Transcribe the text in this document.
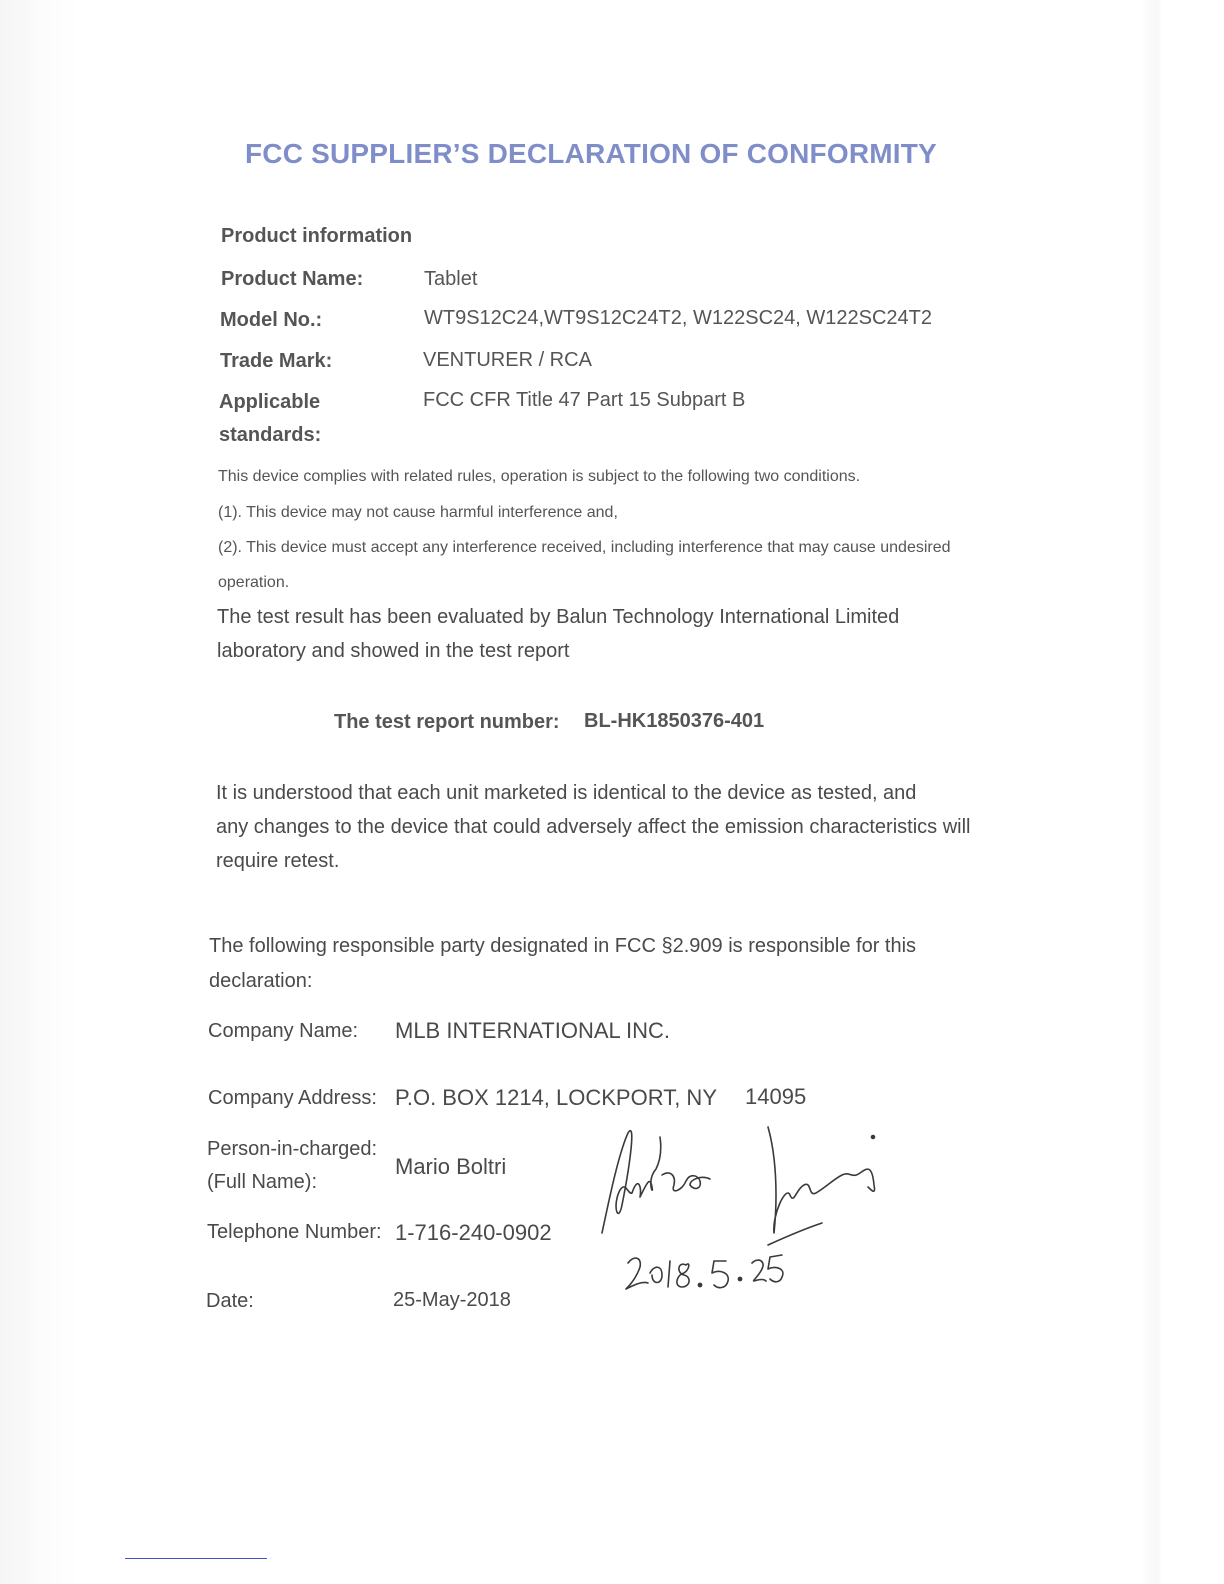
FCC SUPPLIER’S DECLARATION OF CONFORMITY
Product information
Product Name:	Tablet
Model No.:	WT9S12C24,WT9S12C24T2, W122SC24, W122SC24T2
Trade Mark:	VENTURER / RCA
Applicable
standards:
FCC CFR Title 47 Part 15 Subpart B
This device complies with related rules, operation is subject to the following two conditions.
(1). This device may not cause harmful interference and,
(2). This device must accept any interference received, including interference that may cause undesired
operation.
The test result has been evaluated by Balun Technology International Limited
laboratory and showed in the test report
The test report number: BL-HK1850376-401
It is understood that each unit marketed is identical to the device as tested, and
any changes to the device that could adversely affect the emission characteristics will
require retest.
The following responsible party designated in FCC §2.909 is responsible for this
declaration:
Company Name: MLB INTERNATIONAL INC.
Company Address: P.O. BOX 1214, LOCKPORT, NY 14095
Person-in-charged:
(Full Name):
Mario Boltri
Telephone Number: 1-716-240-0902
Date:	25-May-2018
